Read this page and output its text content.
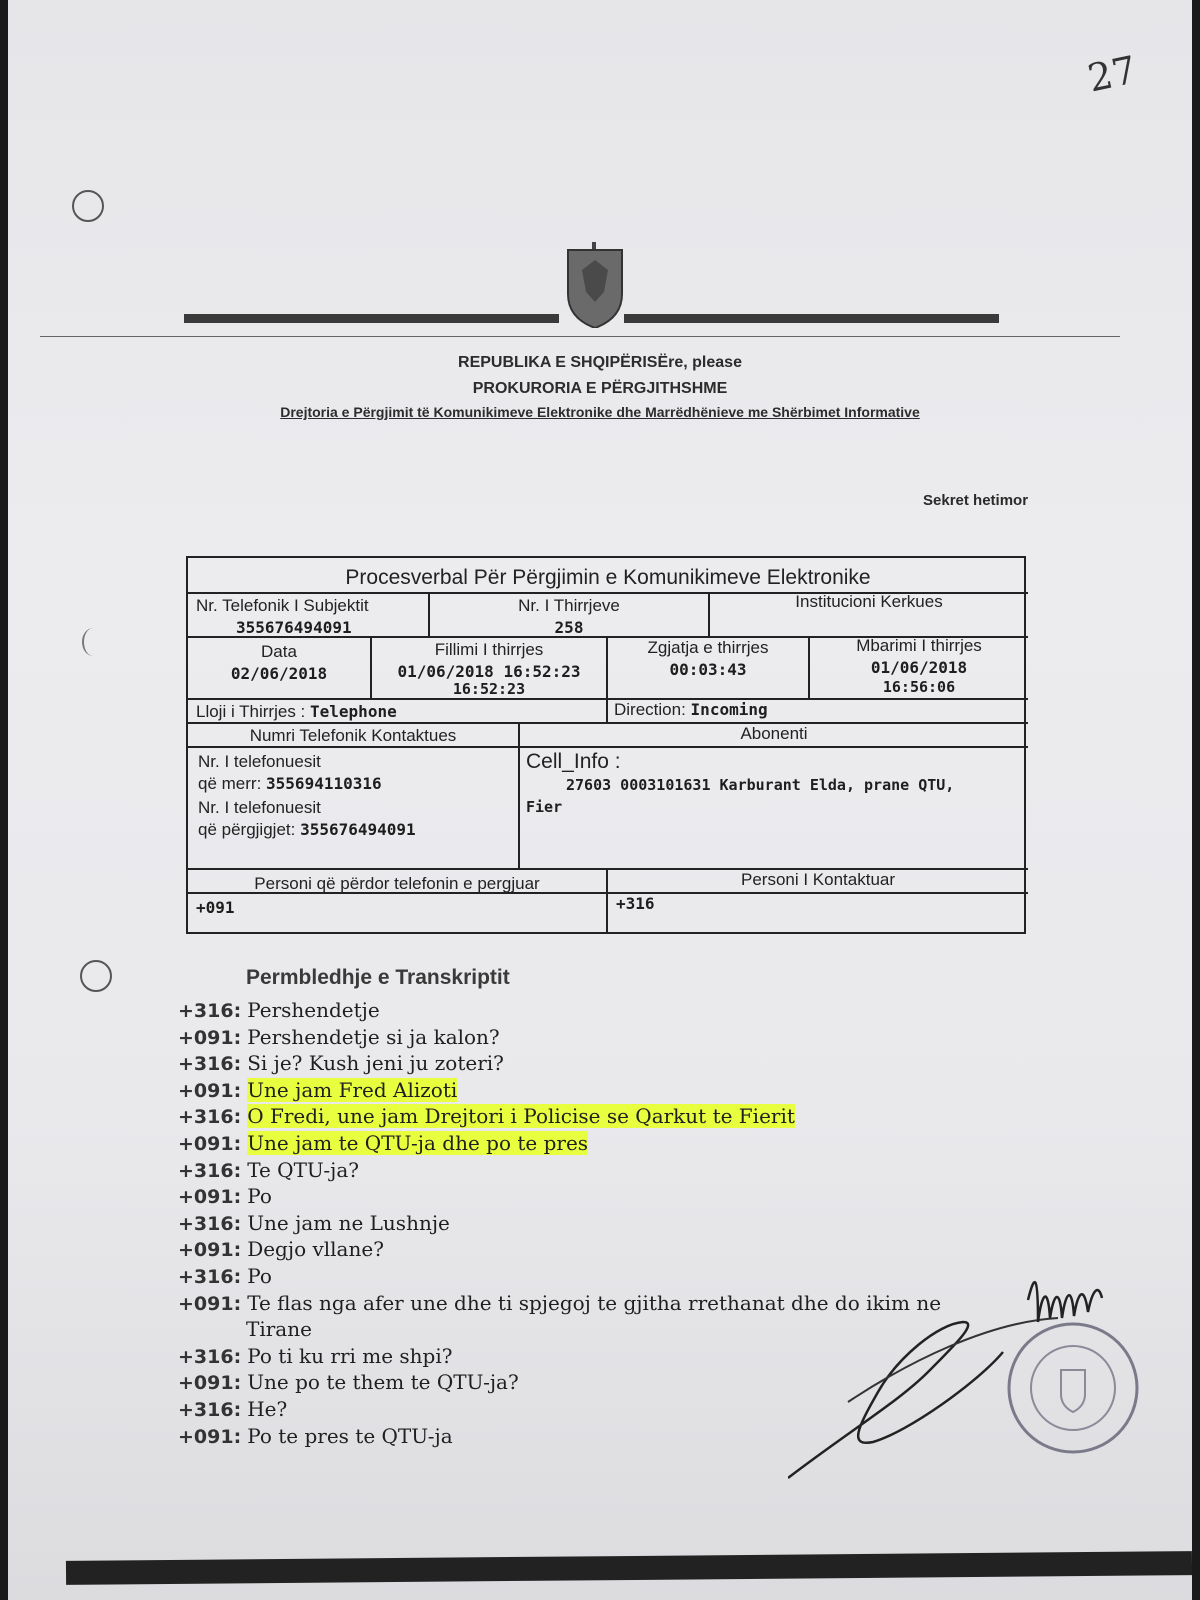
27
REPUBLIKA E SHQIPËRISËre, please
PROKURORIA E PËRGJITHSHME
Drejtoria e Përgjimit të Komunikimeve Elektronike dhe Marrëdhënieve me Shërbimet Informative
Sekret hetimor
Procesverbal Për Përgjimin e Komunikimeve Elektronike
Nr. Telefonik I Subjektit
355676494091
Nr. I Thirrjeve
258
Institucioni Kerkues
Data
02/06/2018
Fillimi I thirrjes
01/06/2018 16:52:23
16:52:23
Zgjatja e thirrjes
00:03:43
Mbarimi I thirrjes
01/06/2018
16:56:06
Lloji i Thirrjes : Telephone	Direction: Incoming
Numri Telefonik Kontaktues	Abonenti
Nr. I telefonuesit
që merr: 355694110316
Nr. I telefonuesit
që përgjigjet: 355676494091
Cell_Info :
27603 0003101631 Karburant Elda, prane QTU,
Fier
Personi që përdor telefonin e pergjuar
+091
Personi I Kontaktuar
+316
Permbledhje e Transkriptit
+316: Pershendetje
+091: Pershendetje si ja kalon?
+316: Si je? Kush jeni ju zoteri?
+091: Une jam Fred Alizoti
+316: O Fredi, une jam Drejtori i Policise se Qarkut te Fierit
+091: Une jam te QTU-ja dhe po te pres
+316: Te QTU-ja?
+091: Po
+316: Une jam ne Lushnje
+091: Degjo vllane?
+316: Po
+091: Te flas nga afer une dhe ti spjegoj te gjitha rrethanat dhe do ikim ne
Tirane
+316: Po ti ku rri me shpi?
+091: Une po te them te QTU-ja?
+316: He?
+091: Po te pres te QTU-ja
